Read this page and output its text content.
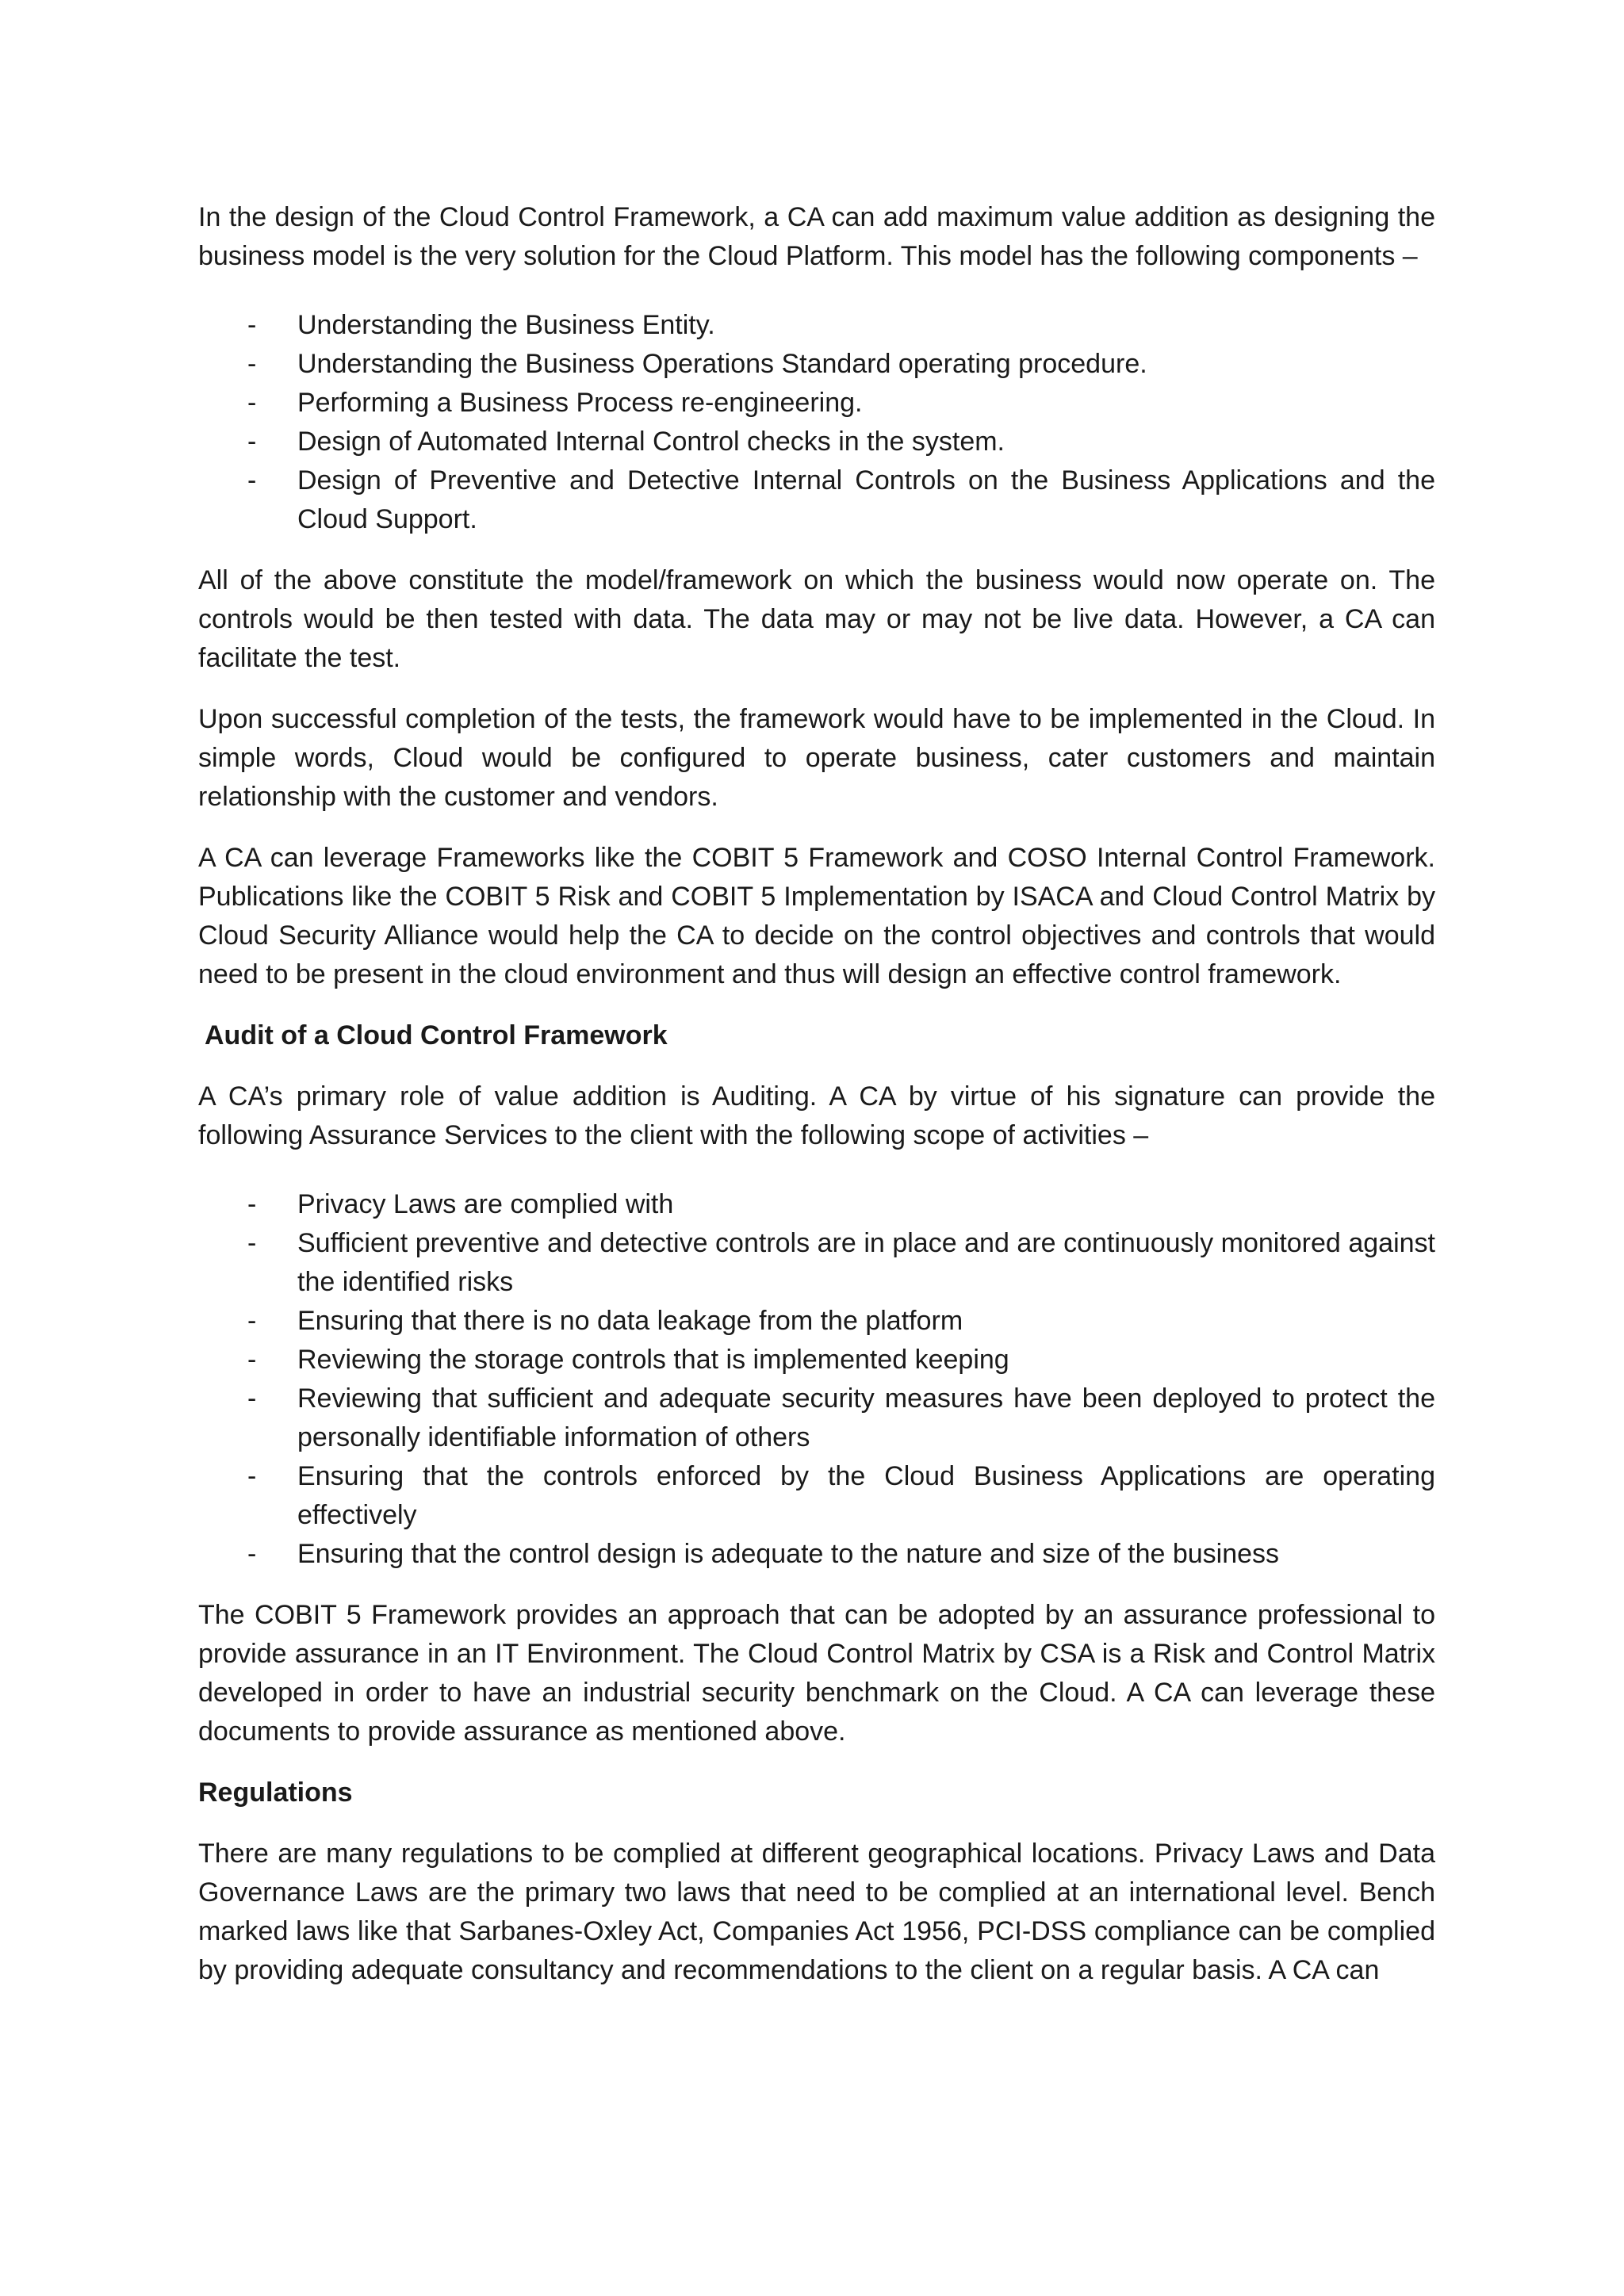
In the design of the Cloud Control Framework, a CA can add maximum value addition as designing the business model is the very solution for the Cloud Platform. This model has the following components –

- Understanding the Business Entity.
- Understanding the Business Operations Standard operating procedure.
- Performing a Business Process re-engineering.
- Design of Automated Internal Control checks in the system.
- Design of Preventive and Detective Internal Controls on the Business Applications and the Cloud Support.

All of the above constitute the model/framework on which the business would now operate on. The controls would be then tested with data. The data may or may not be live data. However, a CA can facilitate the test.

Upon successful completion of the tests, the framework would have to be implemented in the Cloud. In simple words, Cloud would be configured to operate business, cater customers and maintain relationship with the customer and vendors.

A CA can leverage Frameworks like the COBIT 5 Framework and COSO Internal Control Framework. Publications like the COBIT 5 Risk and COBIT 5 Implementation by ISACA and Cloud Control Matrix by Cloud Security Alliance would help the CA to decide on the control objectives and controls that would need to be present in the cloud environment and thus will design an effective control framework.

Audit of a Cloud Control Framework

A CA’s primary role of value addition is Auditing. A CA by virtue of his signature can provide the following Assurance Services to the client with the following scope of activities –

- Privacy Laws are complied with
- Sufficient preventive and detective controls are in place and are continuously monitored against the identified risks
- Ensuring that there is no data leakage from the platform
- Reviewing the storage controls that is implemented keeping
- Reviewing that sufficient and adequate security measures have been deployed to protect the personally identifiable information of others
- Ensuring that the controls enforced by the Cloud Business Applications are operating effectively
- Ensuring that the control design is adequate to the nature and size of the business

The COBIT 5 Framework provides an approach that can be adopted by an assurance professional to provide assurance in an IT Environment. The Cloud Control Matrix by CSA is a Risk and Control Matrix developed in order to have an industrial security benchmark on the Cloud. A CA can leverage these documents to provide assurance as mentioned above.

Regulations

There are many regulations to be complied at different geographical locations. Privacy Laws and Data Governance Laws are the primary two laws that need to be complied at an international level. Bench marked laws like that Sarbanes-Oxley Act, Companies Act 1956, PCI-DSS compliance can be complied by providing adequate consultancy and recommendations to the client on a regular basis. A CA can
